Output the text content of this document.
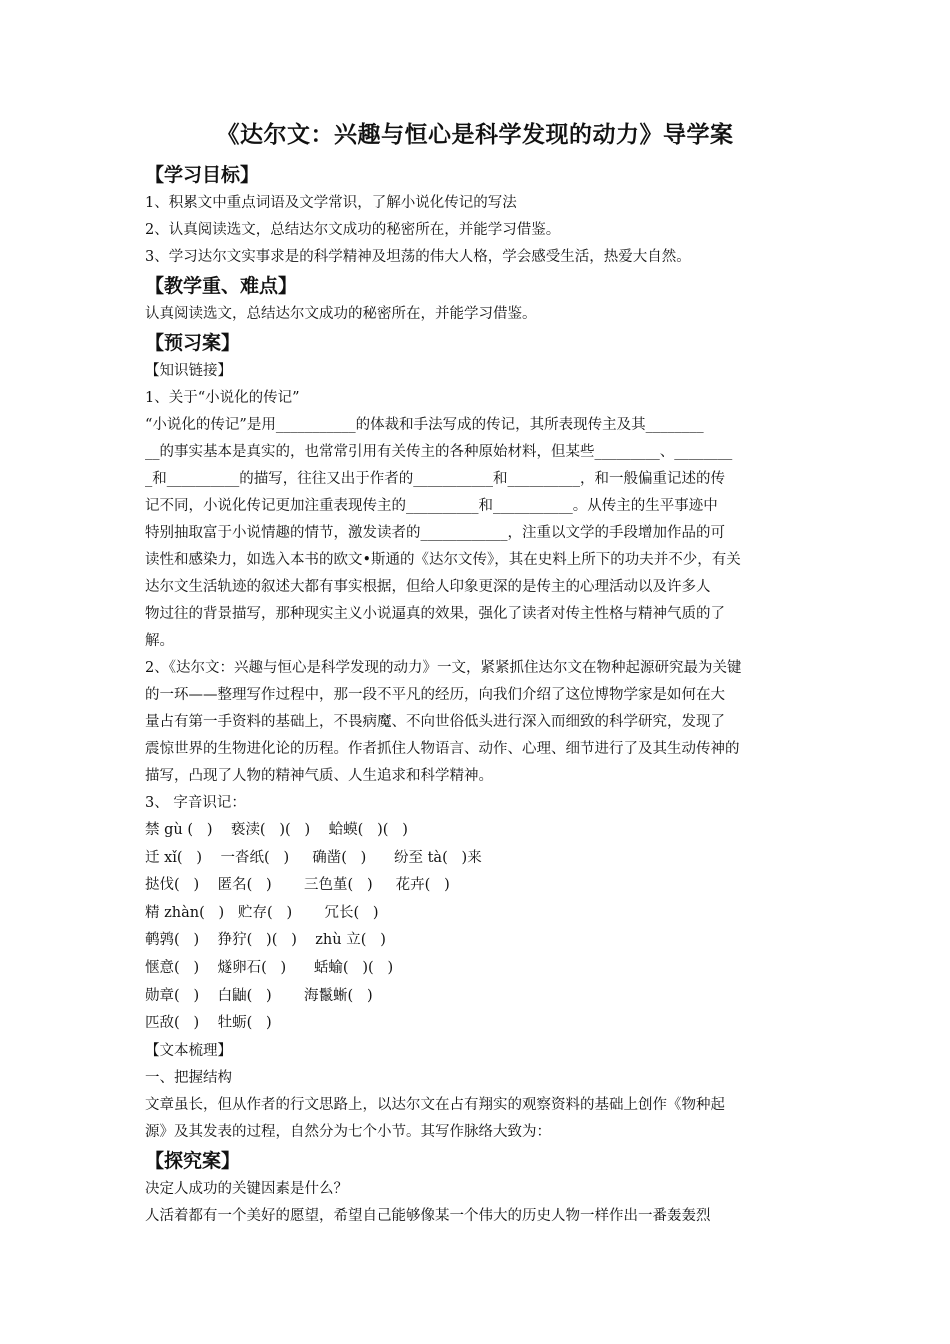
《达尔文：兴趣与恒心是科学发现的动力》导学案

【学习目标】

1、积累文中重点词语及文学常识，了解小说化传记的写法

2、认真阅读选文，总结达尔文成功的秘密所在，并能学习借鉴。

3、学习达尔文实事求是的科学精神及坦荡的伟大人格，学会感受生活，热爱大自然。

【教学重、难点】

认真阅读选文，总结达尔文成功的秘密所在，并能学习借鉴。

【预习案】

【知识链接】

1、关于“小说化的传记”

“小说化的传记”是用___________的体裁和手法写成的传记，其所表现传主及其________

__的事实基本是真实的，也常常引用有关传主的各种原始材料，但某些_________、________

_和__________的描写，往往又出于作者的___________和__________，和一般偏重记述的传

记不同，小说化传记更加注重表现传主的__________和___________。从传主的生平事迹中

特别抽取富于小说情趣的情节，激发读者的____________，注重以文学的手段增加作品的可

读性和感染力，如选入本书的欧文•斯通的《达尔文传》，其在史料上所下的功夫并不少，有关

达尔文生活轨迹的叙述大都有事实根据，但给人印象更深的是传主的心理活动以及许多人

物过往的背景描写，那种现实主义小说逼真的效果，强化了读者对传主性格与精神气质的了

解。

2、《达尔文：兴趣与恒心是科学发现的动力》一文，紧紧抓住达尔文在物种起源研究最为关键

的一环——整理写作过程中，那一段不平凡的经历，向我们介绍了这位博物学家是如何在大

量占有第一手资料的基础上，不畏病魔、不向世俗低头进行深入而细致的科学研究，发现了

震惊世界的生物进化论的历程。作者抓住人物语言、动作、心理、细节进行了及其生动传神的

描写，凸现了人物的精神气质、人生追求和科学精神。

3、 字音识记：

禁 gù (   )    亵渎(   )(   )    蛤蟆(   )(   )

迁 xǐ(   )    一沓纸(   )     确凿(   )      纷至 tà(   )来

挞伐(   )    匿名(   )       三色堇(   )     花卉(   )

精 zhàn(   )   贮存(   )       冗长(   )

鹌鹑(   )    狰狞(   )(   )    zhù 立(   )

惬意(   )    燧卵石(   )      蛞蝓(   )(   )

勋章(   )    白鼬(   )       海鬣蜥(   )

匹敌(   )    牡蛎(   )

【文本梳理】

一、把握结构

文章虽长，但从作者的行文思路上，以达尔文在占有翔实的观察资料的基础上创作《物种起

源》及其发表的过程，自然分为七个小节。其写作脉络大致为：

【探究案】

决定人成功的关键因素是什么？

人活着都有一个美好的愿望，希望自己能够像某一个伟大的历史人物一样作出一番轰轰烈
